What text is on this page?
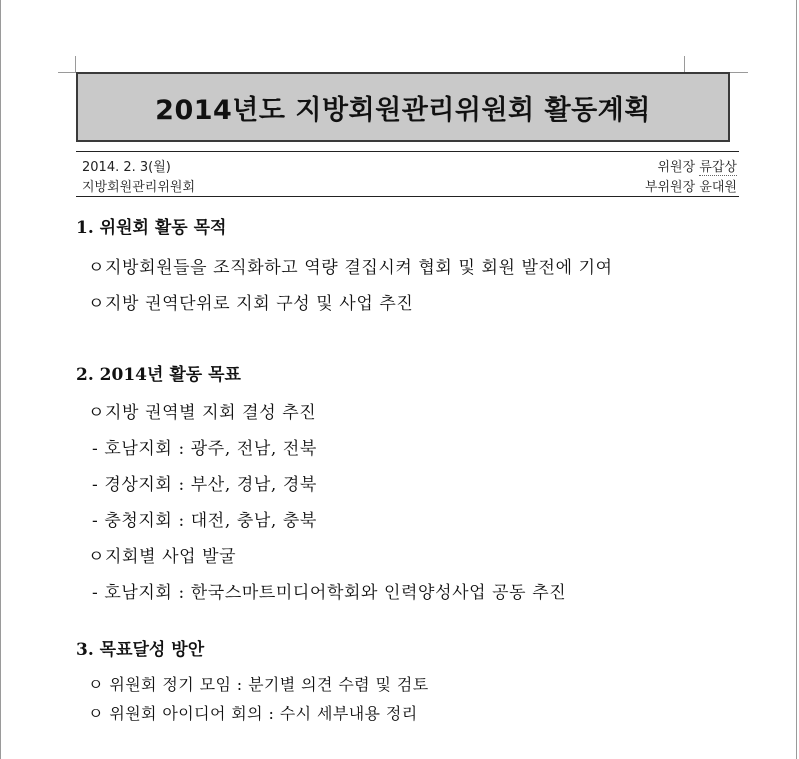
2014년도 지방회원관리위원회 활동계획
2014. 2. 3(월)
지방회원관리위원회
위원장 류갑상
부위원장 윤대원
1. 위원회 활동 목적
ㅇ지방회원들을 조직화하고 역량 결집시켜 협회 및 회원 발전에 기여
ㅇ지방 권역단위로 지회 구성 및 사업 추진
2. 2014년 활동 목표
ㅇ지방 권역별 지회 결성 추진
- 호남지회 : 광주, 전남, 전북
- 경상지회 : 부산, 경남, 경북
- 충청지회 : 대전, 충남, 충북
ㅇ지회별 사업 발굴
- 호남지회 : 한국스마트미디어학회와 인력양성사업 공동 추진
3. 목표달성 방안
ㅇ 위원회 정기 모임 : 분기별 의견 수렴 및 검토
ㅇ 위원회 아이디어 회의 : 수시 세부내용 정리
